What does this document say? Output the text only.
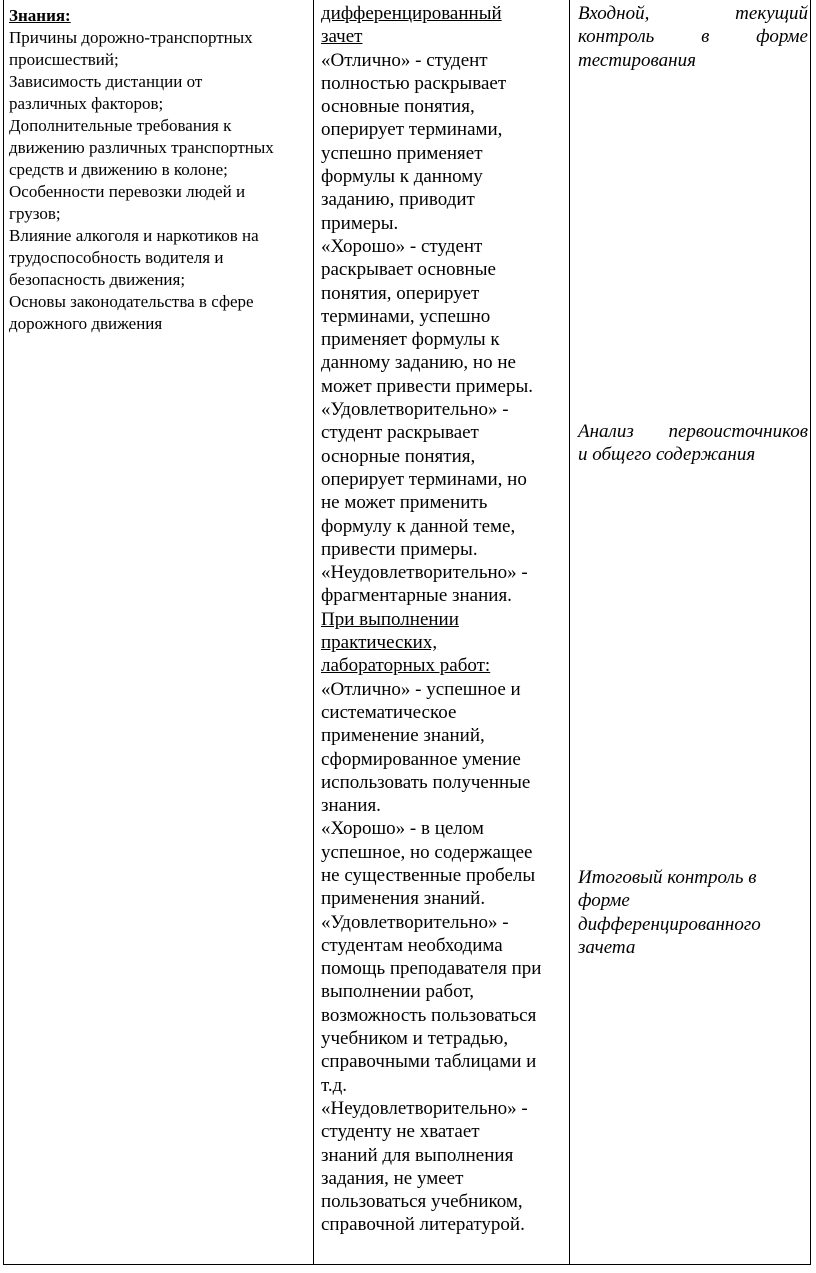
Знания:
Причины дорожно-транспортных
происшествий;
Зависимость дистанции от
различных факторов;
Дополнительные требования к
движению различных транспортных
средств и движению в колоне;
Особенности перевозки людей и
грузов;
Влияние алкоголя и наркотиков на
трудоспособность водителя и
безопасность движения;
Основы законодательства в сфере
дорожного движения
дифференцированный
зачет
«Отлично» - студент
полностью раскрывает
основные понятия,
оперирует терминами,
успешно применяет
формулы к данному
заданию, приводит
примеры.
«Хорошо» - студент
раскрывает основные
понятия, оперирует
терминами, успешно
применяет формулы к
данному заданию, но не
может привести примеры.
«Удовлетворительно» -
студент раскрывает
оснорные понятия,
оперирует терминами, но
не может применить
формулу к данной теме,
привести примеры.
«Неудовлетворительно» -
фрагментарные знания.
При выполнении
практических,
лабораторных работ:
«Отлично» - успешное и
систематическое
применение знаний,
сформированное умение
использовать полученные
знания.
«Хорошо» - в целом
успешное, но содержащее
не существенные пробелы
применения знаний.
«Удовлетворительно» -
студентам необходима
помощь преподавателя при
выполнении работ,
возможность пользоваться
учебником и тетрадью,
справочными таблицами и
т.д.
«Неудовлетворительно» -
студенту не хватает
знаний для выполнения
задания, не умеет
пользоваться учебником,
справочной литературой.
Входной, текущий
контроль в форме
тестирования
Анализ первоисточников
и общего содержания
Итоговый контроль в
форме
дифференцированного
зачета
